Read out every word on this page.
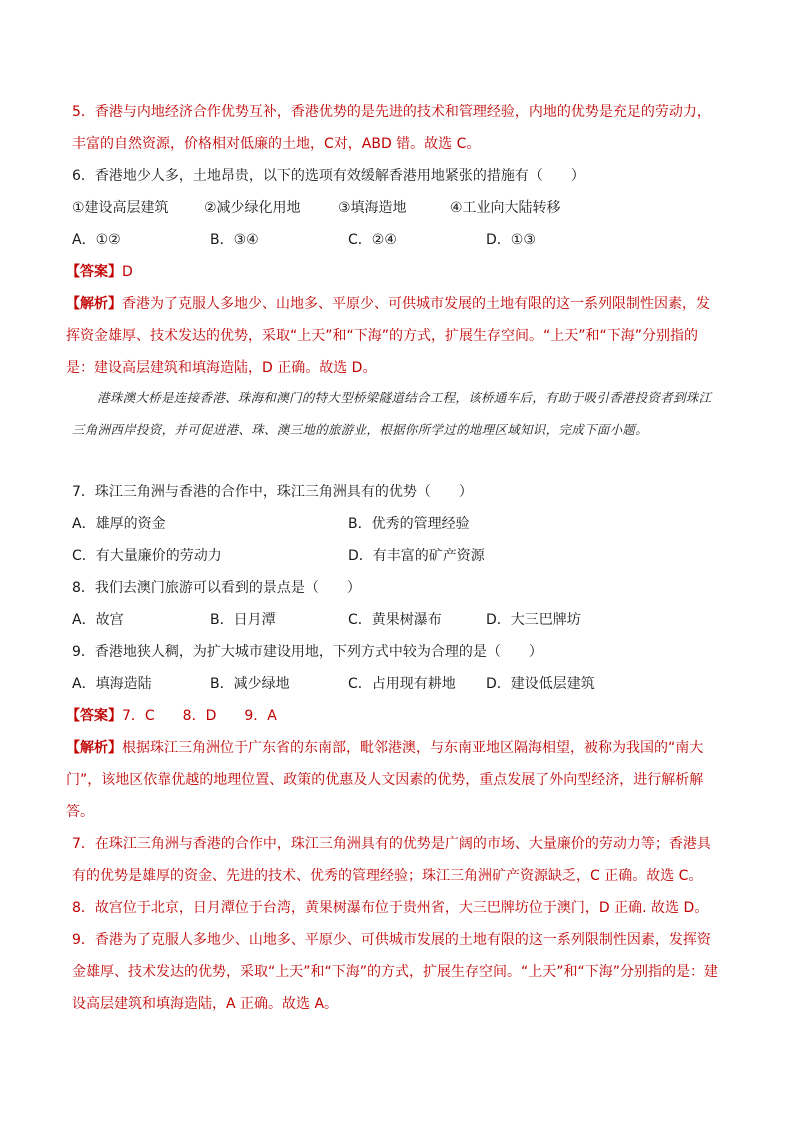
5．香港与内地经济合作优势互补，香港优势的是先进的技术和管理经验，内地的优势是充足的劳动力，丰富的自然资源，价格相对低廉的土地，C对，ABD 错。故选 C。
6．香港地少人多，土地昂贵，以下的选项有效缓解香港用地紧张的措施有（　　）
①建设高层建筑	②减少绿化用地	③填海造地	④工业向大陆转移
A．①②	B．③④	C．②④	D．①③
【答案】D
【解析】香港为了克服人多地少、山地多、平原少、可供城市发展的土地有限的这一系列限制性因素，发挥资金雄厚、技术发达的优势，采取“上天”和“下海”的方式，扩展生存空间。“上天”和“下海”分别指的是：建设高层建筑和填海造陆，D 正确。故选 D。
港珠澳大桥是连接香港、珠海和澳门的特大型桥梁隧道结合工程，该桥通车后，有助于吸引香港投资者到珠江三角洲西岸投资，并可促进港、珠、澳三地的旅游业，根据你所学过的地理区域知识，完成下面小题。
7．珠江三角洲与香港的合作中，珠江三角洲具有的优势（　　）
A．雄厚的资金	B．优秀的管理经验
C．有大量廉价的劳动力	D．有丰富的矿产资源
8．我们去澳门旅游可以看到的景点是（　　）
A．故宫	B．日月潭	C．黄果树瀑布	D．大三巴牌坊
9．香港地狭人稠，为扩大城市建设用地，下列方式中较为合理的是（　　）
A．填海造陆	B．减少绿地	C．占用现有耕地 D．建设低层建筑
【答案】7．C　　8．D　　9．A
【解析】根据珠江三角洲位于广东省的东南部，毗邻港澳，与东南亚地区隔海相望，被称为我国的“南大门”，该地区依靠优越的地理位置、政策的优惠及人文因素的优势，重点发展了外向型经济，进行解析解答。
7．在珠江三角洲与香港的合作中，珠江三角洲具有的优势是广阔的市场、大量廉价的劳动力等；香港具有的优势是雄厚的资金、先进的技术、优秀的管理经验；珠江三角洲矿产资源缺乏，C 正确。故选 C。
8．故宫位于北京，日月潭位于台湾，黄果树瀑布位于贵州省，大三巴牌坊位于澳门，D 正确. 故选 D。
9．香港为了克服人多地少、山地多、平原少、可供城市发展的土地有限的这一系列限制性因素，发挥资金雄厚、技术发达的优势，采取“上天”和“下海”的方式，扩展生存空间。“上天”和“下海”分别指的是：建设高层建筑和填海造陆，A 正确。故选 A。
